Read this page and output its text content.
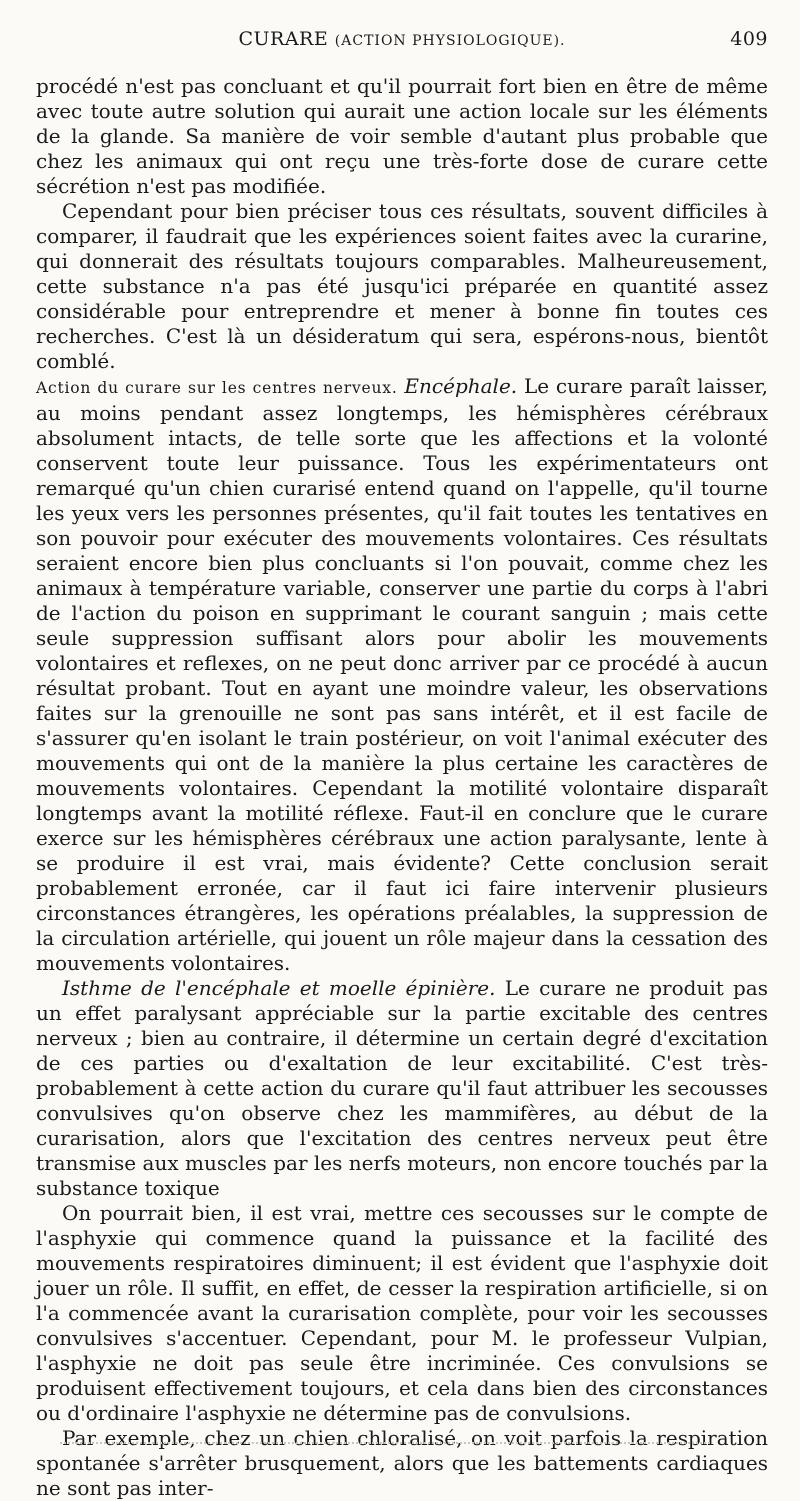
CURARE (ACTION PHYSIOLOGIQUE).	409

procédé n'est pas concluant et qu'il pourrait fort bien en être de même avec toute autre solution qui aurait une action locale sur les éléments de la glande. Sa manière de voir semble d'autant plus probable que chez les animaux qui ont reçu une très-forte dose de curare cette sécrétion n'est pas modifiée.

Cependant pour bien préciser tous ces résultats, souvent difficiles à comparer, il faudrait que les expériences soient faites avec la curarine, qui donnerait des résultats toujours comparables. Malheureusement, cette substance n'a pas été jusqu'ici préparée en quantité assez considérable pour entreprendre et mener à bonne fin toutes ces recherches. C'est là un désideratum qui sera, espérons-nous, bientôt comblé.

Action du curare sur les centres nerveux. Encéphale. Le curare paraît laisser, au moins pendant assez longtemps, les hémisphères cérébraux absolument intacts, de telle sorte que les affections et la volonté conservent toute leur puissance. Tous les expérimentateurs ont remarqué qu'un chien curarisé entend quand on l'appelle, qu'il tourne les yeux vers les personnes présentes, qu'il fait toutes les tentatives en son pouvoir pour exécuter des mouvements volontaires. Ces résultats seraient encore bien plus concluants si l'on pouvait, comme chez les animaux à température variable, conserver une partie du corps à l'abri de l'action du poison en supprimant le courant sanguin ; mais cette seule suppression suffisant alors pour abolir les mouvements volontaires et reflexes, on ne peut donc arriver par ce procédé à aucun résultat probant. Tout en ayant une moindre valeur, les observations faites sur la grenouille ne sont pas sans intérêt, et il est facile de s'assurer qu'en isolant le train postérieur, on voit l'animal exécuter des mouvements qui ont de la manière la plus certaine les caractères de mouvements volontaires. Cependant la motilité volontaire disparaît longtemps avant la motilité réflexe. Faut-il en conclure que le curare exerce sur les hémisphères cérébraux une action paralysante, lente à se produire il est vrai, mais évidente? Cette conclusion serait probablement erronée, car il faut ici faire intervenir plusieurs circonstances étrangères, les opérations préalables, la suppression de la circulation artérielle, qui jouent un rôle majeur dans la cessation des mouvements volontaires.

Isthme de l'encéphale et moelle épinière. Le curare ne produit pas un effet paralysant appréciable sur la partie excitable des centres nerveux ; bien au contraire, il détermine un certain degré d'excitation de ces parties ou d'exaltation de leur excitabilité. C'est très-probablement à cette action du curare qu'il faut attribuer les secousses convulsives qu'on observe chez les mammifères, au début de la curarisation, alors que l'excitation des centres nerveux peut être transmise aux muscles par les nerfs moteurs, non encore touchés par la substance toxique

On pourrait bien, il est vrai, mettre ces secousses sur le compte de l'asphyxie qui commence quand la puissance et la facilité des mouvements respiratoires diminuent; il est évident que l'asphyxie doit jouer un rôle. Il suffit, en effet, de cesser la respiration artificielle, si on l'a commencée avant la curarisation complète, pour voir les secousses convulsives s'accentuer. Cependant, pour M. le professeur Vulpian, l'asphyxie ne doit pas seule être incriminée. Ces convulsions se produisent effectivement toujours, et cela dans bien des circonstances ou d'ordinaire l'asphyxie ne détermine pas de convulsions.

Par exemple, chez un chien chloralisé, on voit parfois la respiration spontanée s'arrêter brusquement, alors que les battements cardiaques ne sont pas inter-
